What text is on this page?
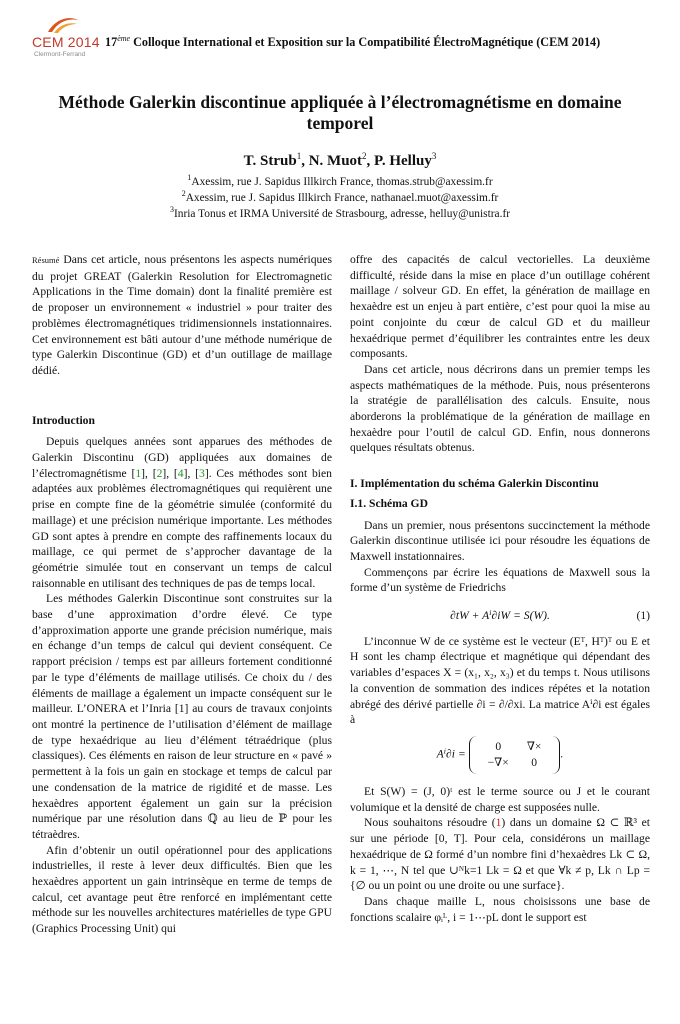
CEM 2014
Clermont-Ferrand
17ème Colloque International et Exposition sur la Compatibilité ÉlectroMagnétique (CEM 2014)
Méthode Galerkin discontinue appliquée à l’électromagnétisme en domaine temporel
T. Strub$^1$, N. Muot$^2$, P. Helluy$^3$
$^1$Axessim, rue J. Sapidus Illkirch France, thomas.strub@axessim.fr
$^2$Axessim, rue J. Sapidus Illkirch France, nathanael.muot@axessim.fr
$^3$Inria Tonus et IRMA Université de Strasbourg, adresse, helluy@unistra.fr

Résumé Dans cet article, nous présentons les aspects numériques du projet GREAT (Galerkin Resolution for Electromagnetic Applications in the Time domain) dont la finalité première est de proposer un environnement « industriel » pour traiter des problèmes électromagnétiques tridimensionnels instationnaires. Cet environnement est bâti autour d’une méthode numérique de type Galerkin Discontinue (GD) et d’un outillage de maillage dédié.

Introduction

Depuis quelques années sont apparues des méthodes de Galerkin Discontinu (GD) appliquées aux domaines de l’électromagnétisme [1], [2], [4], [3]. Ces méthodes sont bien adaptées aux problèmes électromagnétiques qui requièrent une prise en compte fine de la géométrie simulée (conformité du maillage) et une précision numérique importante. Les méthodes GD sont aptes à prendre en compte des raffinements locaux du maillage, ce qui permet de s’approcher davantage de la géométrie simulée tout en conservant un temps de calcul raisonnable en utilisant des techniques de pas de temps local.

Les méthodes Galerkin Discontinue sont construites sur la base d’une approximation d’ordre élevé. Ce type d’approximation apporte une grande précision numérique, mais en échange d’un temps de calcul qui devient conséquent. Ce rapport précision / temps est par ailleurs fortement conditionné par le type d’éléments de maillage utilisés. Ce choix du / des éléments de maillage a également un impacte conséquent sur le mailleur. L’ONERA et l’Inria [1] au cours de travaux conjoints ont montré la pertinence de l’utilisation d’élément de maillage de type hexaédrique au lieu d’élément tétraédrique (plus classiques). Ces éléments en raison de leur structure en « pavé » permettent à la fois un gain en stockage et temps de calcul par une condensation de la matrice de rigidité et de masse. Les hexaèdres apportent également un gain sur la précision numérique par une résolution dans ℚ au lieu de ℙ pour les tétraèdres.

Afin d’obtenir un outil opérationnel pour des applications industrielles, il reste à lever deux difficultés. Bien que les hexaèdres apportent un gain intrinsèque en terme de temps de calcul, cet avantage peut être renforcé en implémentant cette méthode sur les nouvelles architectures matérielles de type GPU (Graphics Processing Unit) qui

offre des capacités de calcul vectorielles. La deuxième difficulté, réside dans la mise en place d’un outillage cohérent maillage / solveur GD. En effet, la génération de maillage en hexaèdre est un enjeu à part entière, c’est pour quoi la mise au point conjointe du cœur de calcul GD et du mailleur hexaédrique permet d’équilibrer les contraintes entre les deux composants.

Dans cet article, nous décrirons dans un premier temps les aspects mathématiques de la méthode. Puis, nous présenterons la stratégie de parallélisation des calculs. Ensuite, nous aborderons la problématique de la génération de maillage en hexaèdre pour l’outil de calcul GD. Enfin, nous donnerons quelques résultats obtenus.

I. Implémentation du schéma Galerkin Discontinu
I.1. Schéma GD

Dans un premier, nous présentons succinctement la méthode Galerkin discontinue utilisée ici pour résoudre les équations de Maxwell instationnaires.

Commençons par écrire les équations de Maxwell sous la forme d’un système de Friedrichs

∂tW + Aⁱ∂iW = S(W).	(1)

L’inconnue W de ce système est le vecteur (Eᵀ, Hᵀ)ᵀ ou E et H sont les champ électrique et magnétique qui dépendant des variables d’espaces X = (x₁, x₂, x₃) et du temps t. Nous utilisons la convention de sommation des indices répétes et la notation abrégé des dérivé partielle ∂i = ∂/∂xi. La matrice Aⁱ∂i est égales à

Aⁱ∂i = 0	∇×
−∇×	0.

Et S(W) = (J, 0)ᵗ est le terme source ou J et le courant volumique et la densité de charge est supposées nulle.

Nous souhaitons résoudre (1) dans un domaine Ω ⊂ ℝ³ et sur une période [0, T]. Pour cela, considérons un maillage hexaédrique de Ω formé d’un nombre fini d’hexaèdres Lk ⊂ Ω, k = 1, ⋯, N tel que ∪ᴺk=1 Lk = Ω et que ∀k ≠ p, Lk ∩ Lp = {∅ ou un point ou une droite ou une surface}.

Dans chaque maille L, nous choisissons une base de fonctions scalaire φᵢᴸ, i = 1⋯pL dont le support est
